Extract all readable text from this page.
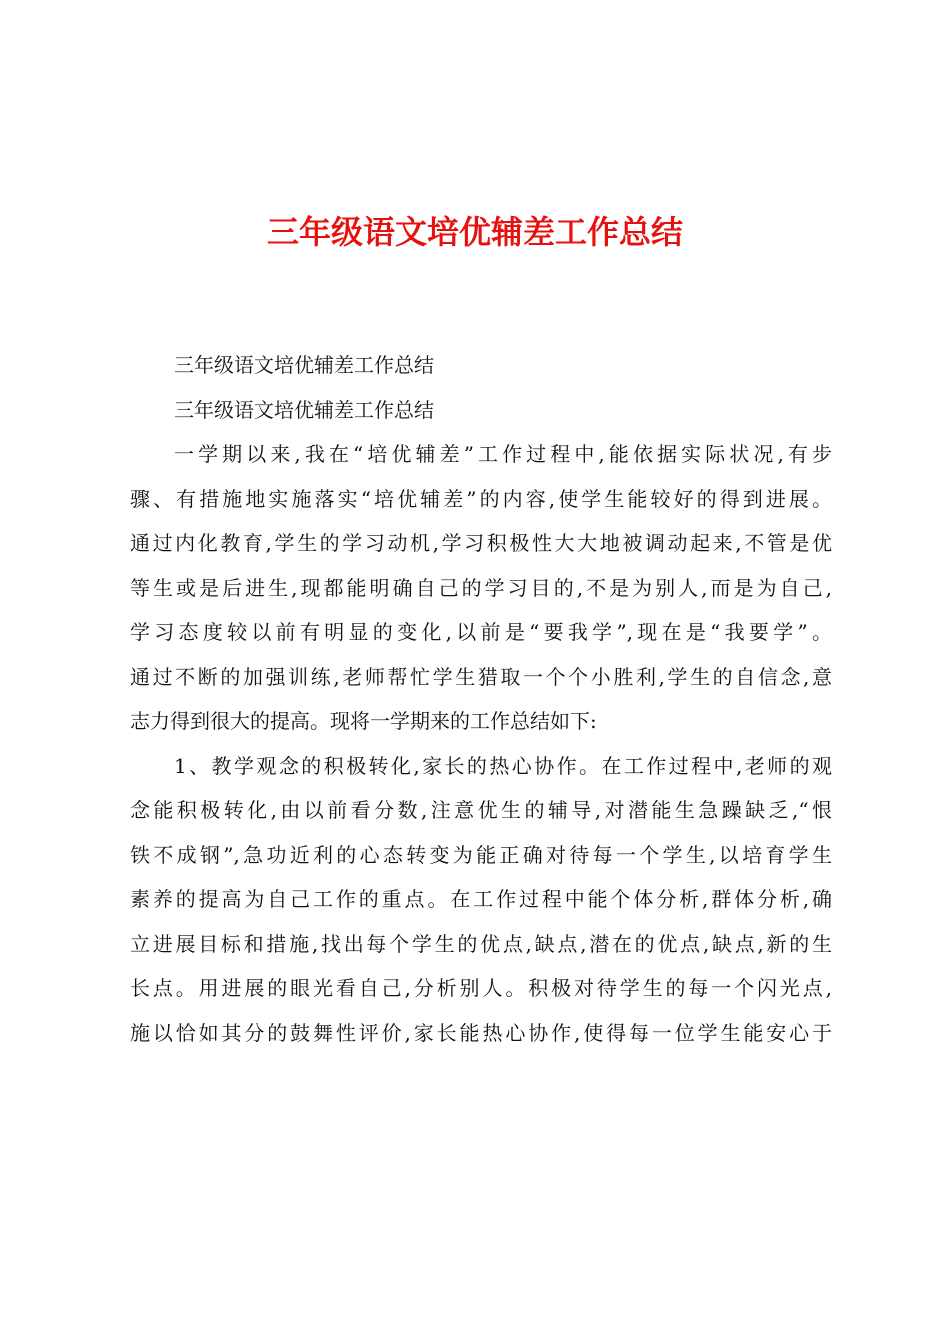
三年级语文培优辅差工作总结
三年级语文培优辅差工作总结
三年级语文培优辅差工作总结
一学期以来,我在“培优辅差”工作过程中,能依据实际状况,有步
骤、有措施地实施落实“培优辅差”的内容,使学生能较好的得到进展。
通过内化教育,学生的学习动机,学习积极性大大地被调动起来,不管是优
等生或是后进生,现都能明确自己的学习目的,不是为别人,而是为自己,
学习态度较以前有明显的变化,以前是“要我学”,现在是“我要学”。
通过不断的加强训练,老师帮忙学生猎取一个个小胜利,学生的自信念,意
志力得到很大的提高。现将一学期来的工作总结如下:
1、教学观念的积极转化,家长的热心协作。在工作过程中,老师的观
念能积极转化,由以前看分数,注意优生的辅导,对潜能生急躁缺乏,“恨
铁不成钢”,急功近利的心态转变为能正确对待每一个学生,以培育学生
素养的提高为自己工作的重点。在工作过程中能个体分析,群体分析,确
立进展目标和措施,找出每个学生的优点,缺点,潜在的优点,缺点,新的生
长点。用进展的眼光看自己,分析别人。积极对待学生的每一个闪光点,
施以恰如其分的鼓舞性评价,家长能热心协作,使得每一位学生能安心于
